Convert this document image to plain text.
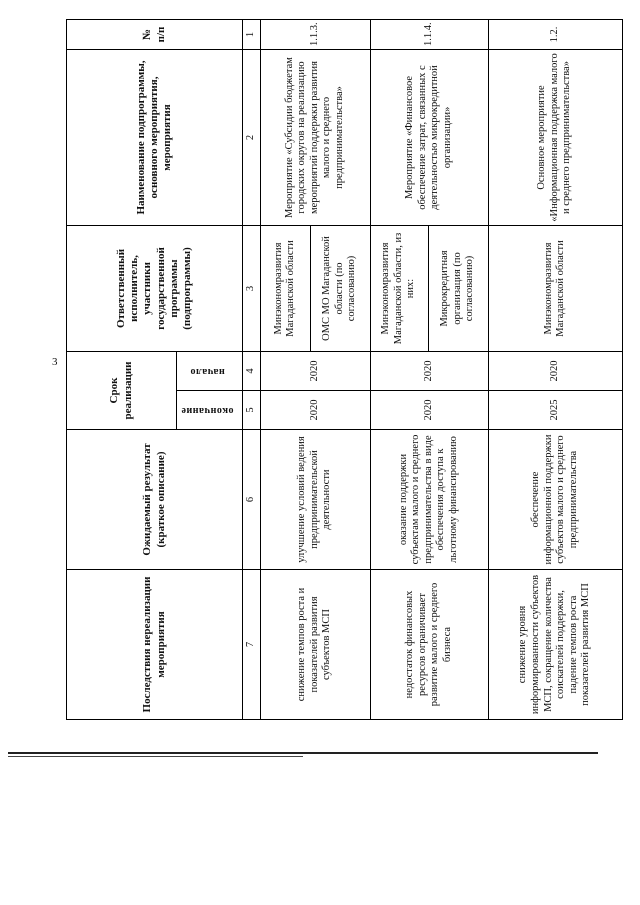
3
Последствия нереализации мероприятия	Ожидаемый результат (краткое описание)	Срок реализации		Ответственный исполнитель, участники государственной программы (подпрограммы)	Наименование подпрограммы, основного мероприятия, мероприятия	№ п/п
		окончание	начало			
7	6	5	4	3	2	1
снижение темпов роста и показателей развития субъектов МСП	улучшение условий ведения предпринимательской деятельности	2020	2020	Минэкономразвития Магаданской области	Мероприятие «Субсидии бюджетам городских округов на реализацию мероприятий поддержки развития малого и среднего предпринимательства»	1.1.3.
				ОМС МО Магаданской области (по согласованию)		
недостаток финансовых ресурсов ограничивает развитие малого и среднего бизнеса	оказание поддержки субъектам малого и среднего предпринимательства в виде обеспечения доступа к льготному финансированию	2020	2020	Минэкономразвития Магаданской области, из них:	Мероприятие «Финансовое обеспечение затрат, связанных с деятельностью микрокредитной организации»	1.1.4.
				Микрокредитная организация (по согласованию)		
снижение уровня информированности субъектов МСП, сокращение количества соискателей поддержки, падение темпов роста показателей развития МСП	обеспечение информационной поддержки субъектов малого и среднего предпринимательства	2025	2020	Минэкономразвития Магаданской области	Основное мероприятие «Информационная поддержка малого и среднего предпринимательства»	1.2.
